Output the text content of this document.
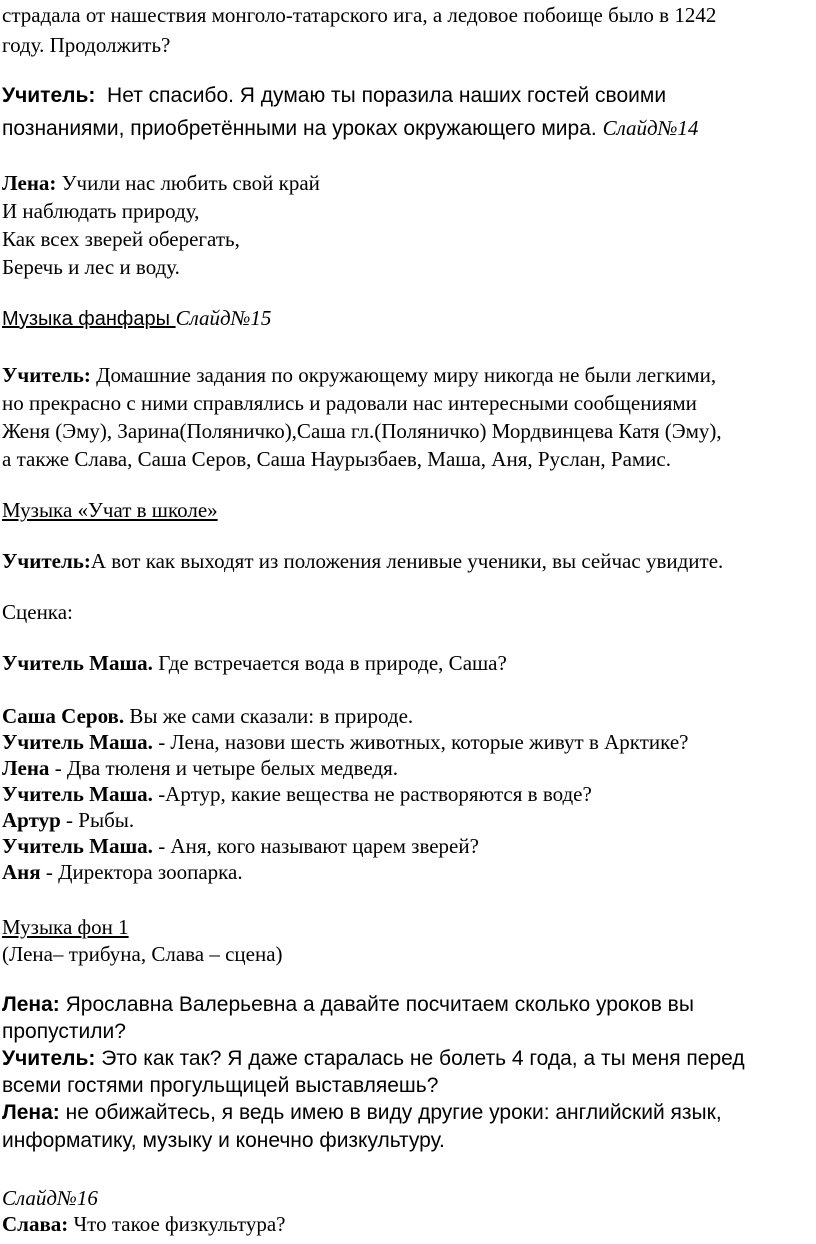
страдала от нашествия монголо-татарского ига, а ледовое побоище было в 1242
году. Продолжить?
Учитель: Нет спасибо. Я думаю ты поразила наших гостей своими
познаниями, приобретёнными на уроках окружающего мира. Слайд№14
Лена: Учили нас любить свой край
И наблюдать природу,
Как всех зверей оберегать,
Беречь и лес и воду.
Музыка фанфары Слайд№15
Учитель: Домашние задания по окружающему миру никогда не были легкими,
но прекрасно с ними справлялись и радовали нас интересными сообщениями
Женя (Эму), Зарина(Поляничко),Саша гл.(Поляничко) Мордвинцева Катя (Эму),
а также Слава, Саша Серов, Саша Наурызбаев, Маша, Аня, Руслан, Рамис.
Музыка «Учат в школе»
Учитель:А вот как выходят из положения ленивые ученики, вы сейчас увидите.
Сценка:
Учитель Маша. Где встречается вода в природе, Саша?
Саша Серов. Вы же сами сказали: в природе.
Учитель Маша. - Лена, назови шесть животных, которые живут в Арктике?
Лена - Два тюленя и четыре белых медведя.
Учитель Маша. -Артур, какие вещества не растворяются в воде?
Артур - Рыбы.
Учитель Маша. - Аня, кого называют царем зверей?
Аня - Директора зоопарка.
Музыка фон 1
(Лена– трибуна, Слава – сцена)
Лена: Ярославна Валерьевна а давайте посчитаем сколько уроков вы
пропустили?
Учитель: Это как так? Я даже старалась не болеть 4 года, а ты меня перед
всеми гостями прогульщицей выставляешь?
Лена: не обижайтесь, я ведь имею в виду другие уроки: английский язык,
информатику, музыку и конечно физкультуру.
Слайд№16
Слава: Что такое физкультура?
